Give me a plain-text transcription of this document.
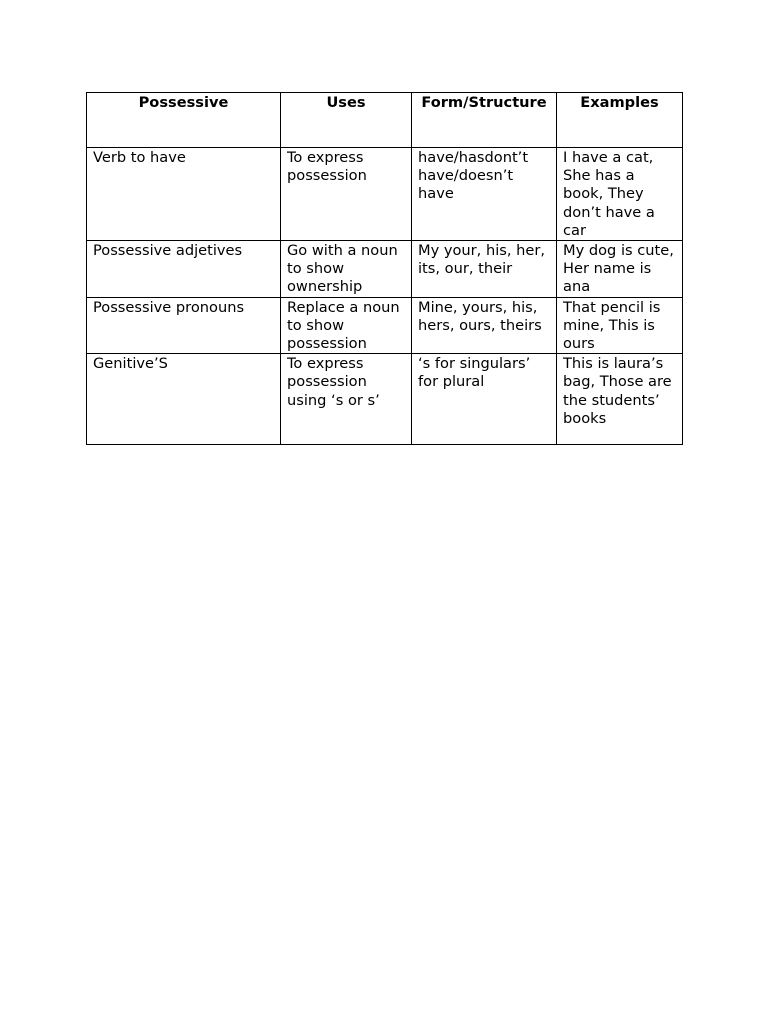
Possessive	Uses	Form/Structure	Examples
Verb to have	To express possession	have/hasdont’t have/doesn’t have	I have a cat, She has a book, They don’t have a car
Possessive adjetives	Go with a noun to show ownership	My your, his, her, its, our, their	My dog is cute, Her name is ana
Possessive pronouns	Replace a noun to show possession	Mine, yours, his, hers, ours, theirs	That pencil is mine, This is ours
Genitive’S	To express possession using ‘s or s’	‘s for singulars’ for plural	This is laura’s bag, Those are the students’ books
